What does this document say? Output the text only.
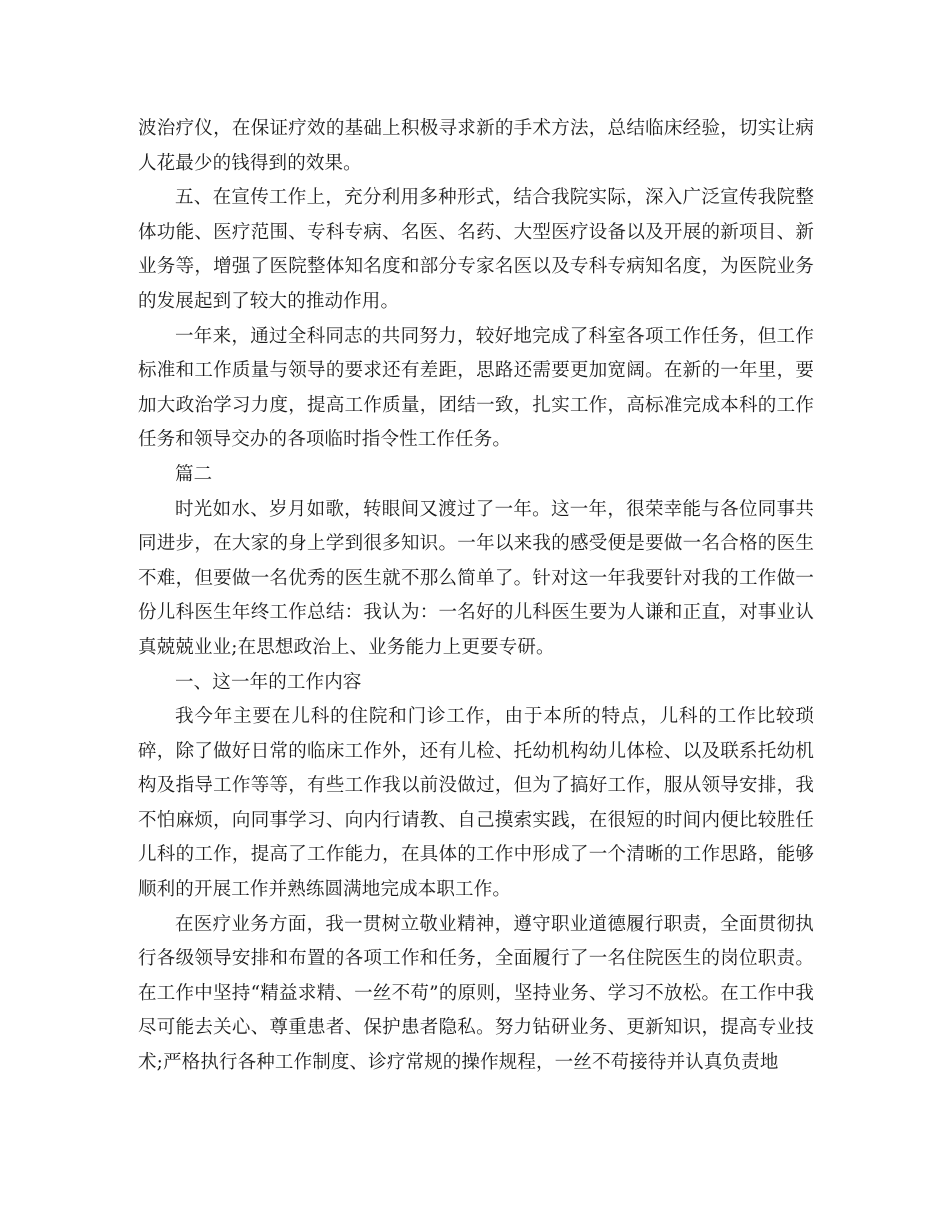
波治疗仪，在保证疗效的基础上积极寻求新的手术方法，总结临床经验，切实让病人花最少的钱得到的效果。

五、在宣传工作上，充分利用多种形式，结合我院实际，深入广泛宣传我院整体功能、医疗范围、专科专病、名医、名药、大型医疗设备以及开展的新项目、新业务等，增强了医院整体知名度和部分专家名医以及专科专病知名度，为医院业务的发展起到了较大的推动作用。

一年来，通过全科同志的共同努力，较好地完成了科室各项工作任务，但工作标准和工作质量与领导的要求还有差距，思路还需要更加宽阔。在新的一年里，要加大政治学习力度，提高工作质量，团结一致，扎实工作，高标准完成本科的工作任务和领导交办的各项临时指令性工作任务。

篇二

时光如水、岁月如歌，转眼间又渡过了一年。这一年，很荣幸能与各位同事共同进步，在大家的身上学到很多知识。一年以来我的感受便是要做一名合格的医生不难，但要做一名优秀的医生就不那么简单了。针对这一年我要针对我的工作做一份儿科医生年终工作总结：我认为：一名好的儿科医生要为人谦和正直，对事业认真兢兢业业;在思想政治上、业务能力上更要专研。

一、这一年的工作内容

我今年主要在儿科的住院和门诊工作，由于本所的特点，儿科的工作比较琐碎，除了做好日常的临床工作外，还有儿检、托幼机构幼儿体检、以及联系托幼机构及指导工作等等，有些工作我以前没做过，但为了搞好工作，服从领导安排，我不怕麻烦，向同事学习、向内行请教、自己摸索实践，在很短的时间内便比较胜任儿科的工作，提高了工作能力，在具体的工作中形成了一个清晰的工作思路，能够顺利的开展工作并熟练圆满地完成本职工作。

在医疗业务方面，我一贯树立敬业精神，遵守职业道德履行职责，全面贯彻执行各级领导安排和布置的各项工作和任务，全面履行了一名住院医生的岗位职责。在工作中坚持“精益求精、一丝不苟”的原则，坚持业务、学习不放松。在工作中我尽可能去关心、尊重患者、保护患者隐私。努力钻研业务、更新知识，提高专业技术;严格执行各种工作制度、诊疗常规的操作规程，一丝不苟接待并认真负责地
